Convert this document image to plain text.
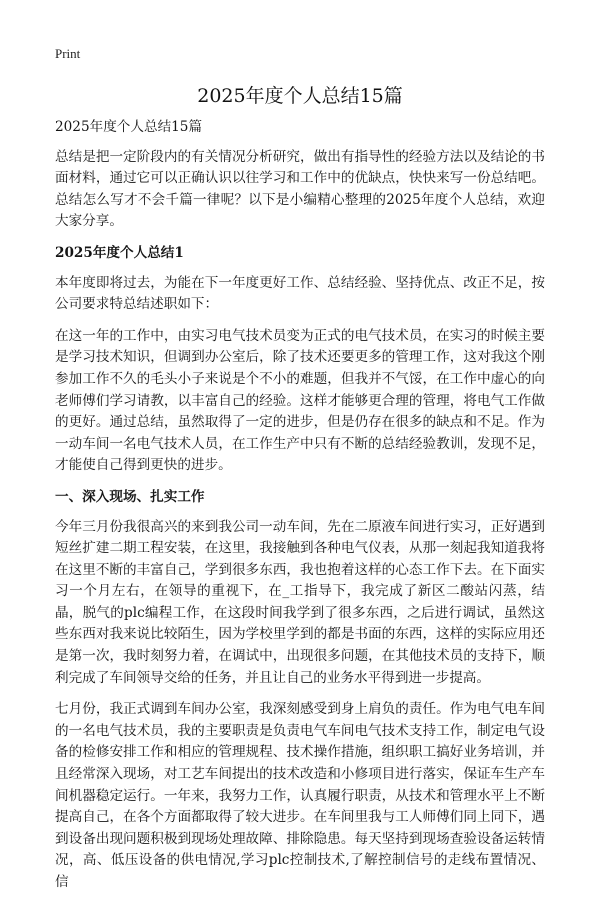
Print
2025年度个人总结15篇

2025年度个人总结15篇

总结是把一定阶段内的有关情况分析研究，做出有指导性的经验方法以及结论的书面材料，通过它可以正确认识以往学习和工作中的优缺点，快快来写一份总结吧。总结怎么写才不会千篇一律呢？以下是小编精心整理的2025年度个人总结，欢迎大家分享。

2025年度个人总结1

本年度即将过去，为能在下一年度更好工作、总结经验、坚持优点、改正不足，按公司要求特总结述职如下：

在这一年的工作中，由实习电气技术员变为正式的电气技术员，在实习的时候主要是学习技术知识，但调到办公室后，除了技术还要更多的管理工作，这对我这个刚参加工作不久的毛头小子来说是个不小的难题，但我并不气馁，在工作中虚心的向老师傅们学习请教，以丰富自己的经验。这样才能够更合理的管理，将电气工作做的更好。通过总结，虽然取得了一定的进步，但是仍存在很多的缺点和不足。作为一动车间一名电气技术人员，在工作生产中只有不断的总结经验教训，发现不足，才能使自己得到更快的进步。

一、深入现场、扎实工作

今年三月份我很高兴的来到我公司一动车间，先在二原液车间进行实习，正好遇到短丝扩建二期工程安装，在这里，我接触到各种电气仪表，从那一刻起我知道我将在这里不断的丰富自己，学到很多东西，我也抱着这样的心态工作下去。在下面实习一个月左右，在领导的重视下，在_工指导下，我完成了新区二酸站闪蒸，结晶，脱气的plc编程工作，在这段时间我学到了很多东西，之后进行调试，虽然这些东西对我来说比较陌生，因为学校里学到的都是书面的东西，这样的实际应用还是第一次，我时刻努力着，在调试中，出现很多问题，在其他技术员的支持下，顺利完成了车间领导交给的任务，并且让自己的业务水平得到进一步提高。

七月份，我正式调到车间办公室，我深刻感受到身上肩负的责任。作为电气电车间的一名电气技术员，我的主要职责是负责电气车间电气技术支持工作，制定电气设备的检修安排工作和相应的管理规程、技术操作措施，组织职工搞好业务培训，并且经常深入现场，对工艺车间提出的技术改造和小修项目进行落实，保证车生产车间机器稳定运行。一年来，我努力工作，认真履行职责，从技术和管理水平上不断提高自己，在各个方面都取得了较大进步。在车间里我与工人师傅们同上同下，遇到设备出现问题积极到现场处理故障、排除隐患。每天坚持到现场查验设备运转情况，高、低压设备的供电情况,学习plc控制技术,了解控制信号的走线布置情况、信
